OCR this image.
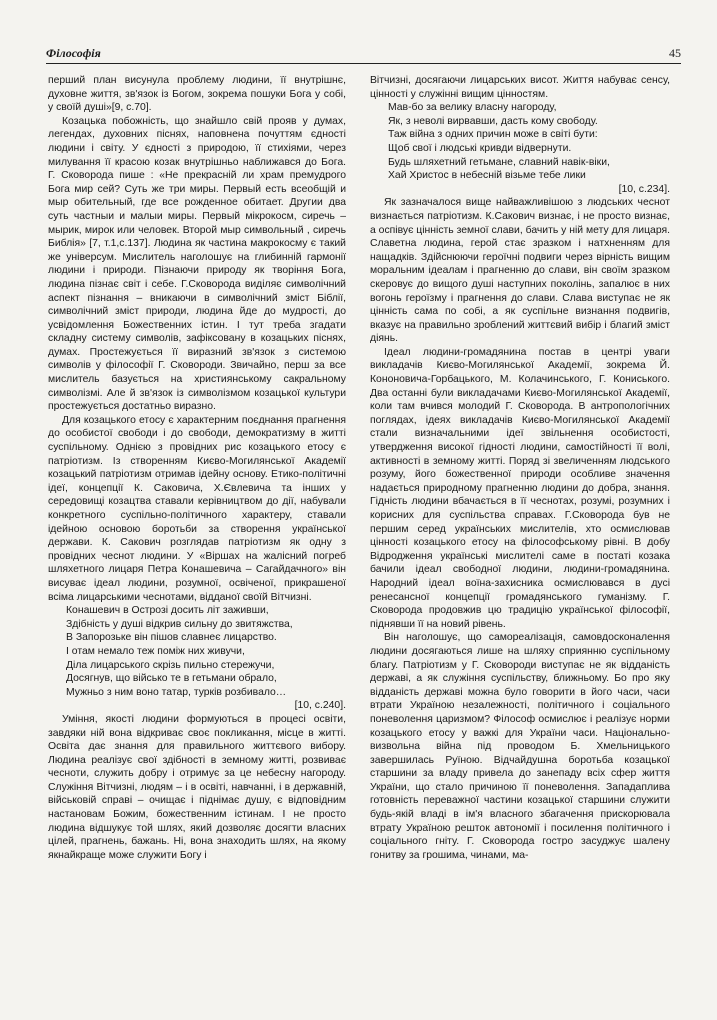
Філософія	45

перший план висунула проблему людини, її внутрішнє, духовне життя, зв'язок із Богом, зокрема пошуки Бога у собі, у своїй душі»[9, с.70].

Козацька побожність, що знайшло свій прояв у думах, легендах, духовних піснях, наповнена почуттям єдності людини і світу. У єдності з природою, її стихіями, через милування її красою козак внутрішньо наближався до Бога. Г. Сковорода пише : «Не прекрасній ли храм премудрого Бога мир сей? Суть же три миры. Первый есть всеобщій и мыр обительный, где все рожденное обитает. Другии два суть частныи и малыи миры. Первый мікрокосм, сиречь – мырик, мирок или человек. Второй мыр символьный , сиречь Библія» [7, т.1,с.137]. Людина як частина макрокосму є такий же універсум. Мислитель наголошує на глибинній гармонії людини і природи. Пізнаючи природу як творіння Бога, людина пізнає світ і себе. Г.Сковорода виділяє символічний аспект пізнання – вникаючи в символічний зміст Біблії, символічний зміст природи, людина йде до мудрості, до усвідомлення Божественних істин. І тут треба згадати складну систему символів, зафіксовану в козацьких піснях, думах. Простежується її виразний зв'язок з системою символів у філософії Г. Сковороди. Звичайно, перш за все мислитель базується на християнському сакральному символізмі. Але й зв'язок із символізмом козацької культури простежується достатньо виразно.

Для козацького етосу є характерним поєднання прагнення до особистої свободи і до свободи, демократизму в житті суспільному. Однією з провідних рис козацького етосу є патріотизм. Із створенням Києво-Могилянської Академії козацький патріотизм отримав ідейну основу. Етико-політичні ідеї, концепції К. Саковича, Х.Євлевича та інших у середовищі козацтва ставали керівництвом до дії, набували конкретного суспільно-політичного характеру, ставали ідейною основою боротьби за створення української держави. К. Сакович розглядав патріотизм як одну з провідних чеснот людини. У «Віршах на жалісний погреб шляхетного лицаря Петра Конашевича – Сагайдачного» він висуває ідеал людини, розумної, освіченої, прикрашеної всіма лицарськими чеснотами, відданої своїй Вітчизні.

Конашевич в Острозі досить літ заживши,
Здібність у душі відкрив сильну до звитяжства,
В Запорозьке він пішов славнеє лицарство.
І отам немало теж поміж них живучи,
Діла лицарського скрізь пильно стережучи,
Досягнув, що військо те в гетьмани обрало,
Мужньо з ним воно татар, турків розбивало…

[10, с.240].

Уміння, якості людини формуються в процесі освіти, завдяки ній вона відкриває своє покликання, місце в житті. Освіта дає знання для правильного життєвого вибору. Людина реалізує свої здібності в земному житті, розвиває чесноти, служить добру і отримує за це небесну нагороду. Служіння Вітчизні, людям – і в освіті, навчанні, і в державній, військовій справі – очищає і піднімає душу, є відповідним настановам Божим, божественним істинам. І не просто людина відшукує той шлях, який дозволяє досягти власних цілей, прагнень, бажань. Ні, вона знаходить шлях, на якому якнайкраще може служити Богу і

Вітчизні, досягаючи лицарських висот. Життя набуває сенсу, цінності у служінні вищим цінностям.

Мав-бо за велику власну нагороду,
Як, з неволі вирвавши, дасть кому свободу.
Таж війна з одних причин може в світі бути:
Щоб свої і людські кривди відвернути.
Будь шляхетний гетьмане, славний навік-віки,
Хай Христос в небесній візьме тебе лики

[10, с.234].

Як зазначалося вище найважливішою з людських чеснот визнається патріотизм. К.Сакович визнає, і не просто визнає, а оспівує цінність земної слави, бачить у ній мету для лицаря. Славетна людина, герой стає зразком і натхненням для нащадків. Здійснюючи героїчні подвиги через вірність вищим моральним ідеалам і прагненню до слави, він своїм зразком скеровує до вищого душі наступних поколінь, запалює в них вогонь героїзму і прагнення до слави. Слава виступає не як цінність сама по собі, а як суспільне визнання подвигів, вказує на правильно зроблений життєвий вибір і благий зміст діянь.

Ідеал людини-громадянина постав в центрі уваги викладачів Києво-Могилянської Академії, зокрема Й. Кононовича-Горбацького, М. Колачинського, Г. Кониського. Два останні були викладачами Києво-Могилянської Академії, коли там вчився молодий Г. Сковорода. В антропологічних поглядах, ідеях викладачів Києво-Могилянської Академії стали визначальними ідеї звільнення особистості, утвердження високої гідності людини, самостійності її волі, активності в земному житті. Поряд зі звеличенням людського розуму, його божественної природи особливе значення надається природному прагненню людини до добра, знання. Гідність людини вбачається в її чеснотах, розумі, розумних і корисних для суспільства справах. Г.Сковорода був не першим серед українських мислителів, хто осмислював цінності козацького етосу на філософському рівні. В добу Відродження українські мислителі саме в постаті козака бачили ідеал свободної людини, людини-громадянина. Народний ідеал воїна-захисника осмислювався в дусі ренесансної концепції громадянського гуманізму. Г. Сковорода продовжив цю традицію української філософії, піднявши її на новий рівень.

Він наголошує, що самореалізація, самовдосконалення людини досягаються лише на шляху сприянню суспільному благу. Патріотизм у Г. Сковороди виступає не як відданість державі, а як служіння суспільству, ближньому. Бо про яку відданість державі можна було говорити в його часи, часи втрати Україною незалежності, політичного і соціального поневолення царизмом? Філософ осмислює і реалізує норми козацького етосу у важкі для України часи. Національно-визвольна війна під проводом Б. Хмельницького завершилась Руїною. Відчайдушна боротьба козацької старшини за владу привела до занепаду всіх сфер життя України, що стало причиною її поневолення. Западаплива готовність переважної частини козацької старшини служити будь-якій владі в ім'я власного збагачення прискорювала втрату Україною решток автономії і посилення політичного і соціального гніту. Г. Сковорода гостро засуджує шалену гонитву за грошима, чинами, ма-
